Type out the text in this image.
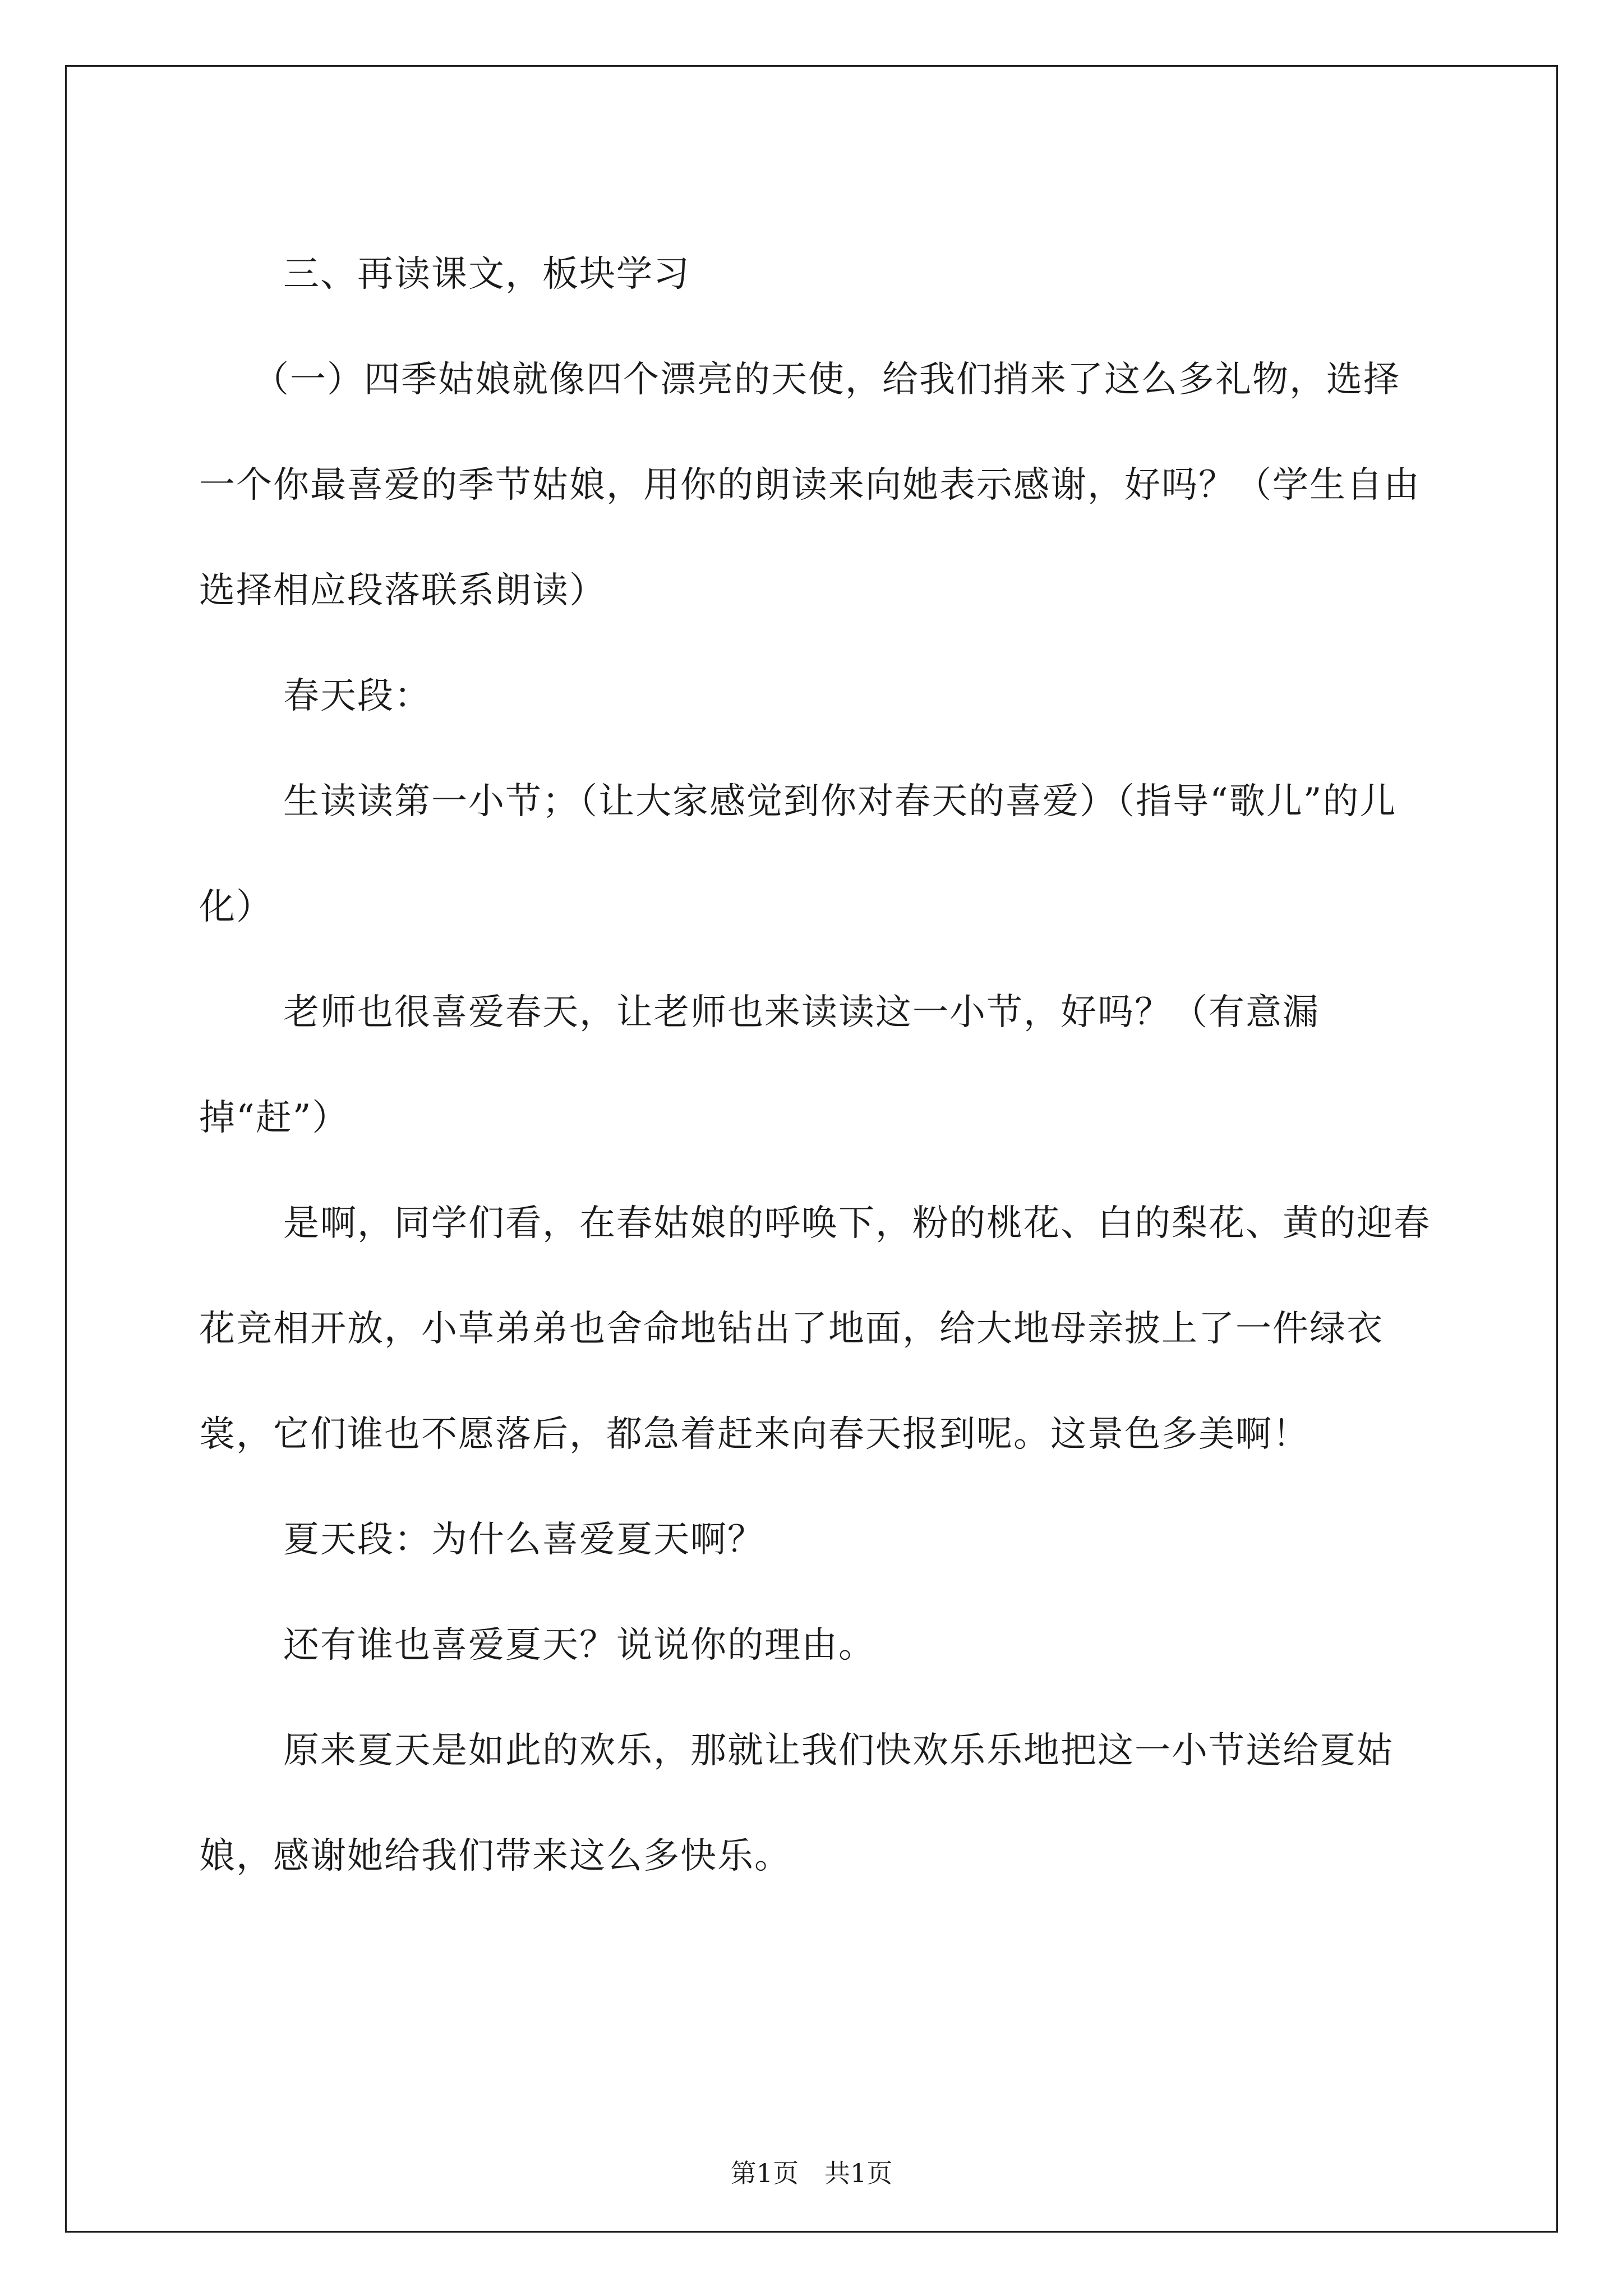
三、再读课文，板块学习

（一）四季姑娘就像四个漂亮的天使，给我们捎来了这么多礼物，选择一个你最喜爱的季节姑娘，用你的朗读来向她表示感谢，好吗？（学生自由选择相应段落联系朗读）

春天段：

生读读第一小节；（让大家感觉到你对春天的喜爱）（指导“歌儿”的儿化）

老师也很喜爱春天，让老师也来读读这一小节，好吗？（有意漏掉“赶”）

是啊，同学们看，在春姑娘的呼唤下，粉的桃花、白的梨花、黄的迎春花竞相开放，小草弟弟也舍命地钻出了地面，给大地母亲披上了一件绿衣裳，它们谁也不愿落后，都急着赶来向春天报到呢。这景色多美啊！

夏天段：为什么喜爱夏天啊？

还有谁也喜爱夏天？说说你的理由。

原来夏天是如此的欢乐，那就让我们快欢乐乐地把这一小节送给夏姑娘，感谢她给我们带来这么多快乐。

第1页　共1页
